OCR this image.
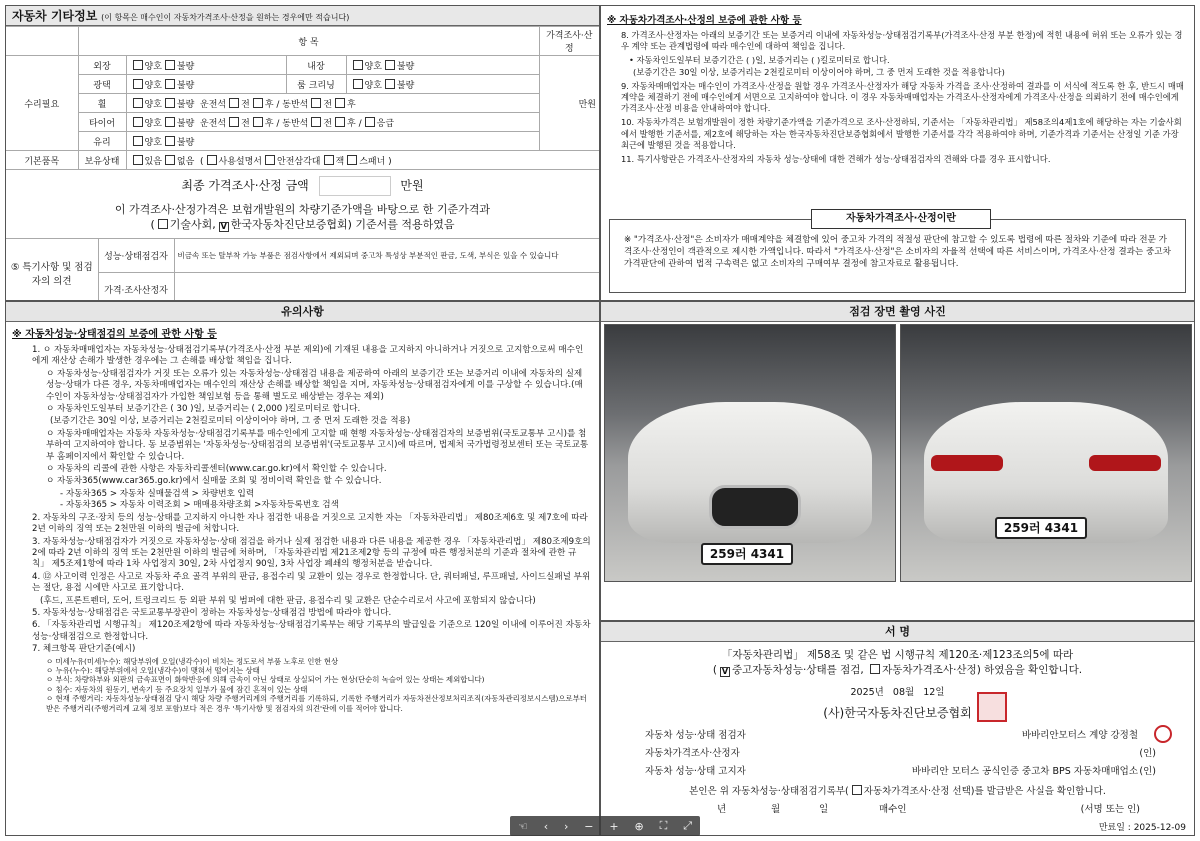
자동차 기타정보 (이 항목은 매수인이 자동차가격조사·산정을 원하는 경우에만 적습니다)
	항 목				가격조사·산정
수리필요	외장	양호 불량	내장	양호 불량	만원
	광택	양호 불량	룸 크리닝	양호 불량	
	휠	양호 불량 운전석 전 후 / 동반석 전 후			
	타이어	양호 불량 운전석 전 후 / 동반석 전 후 / 응급			
	유리	양호 불량			
기본품목	보유상태	있음 없음 ( 사용설명서 안전삼각대 잭 스패너 )			
최종 가격조사·산정 금액	만원
이 가격조사·산정가격은 보험개발원의 차량기준가액을 바탕으로 한 기준가격과
( 기술사회, V 한국자동차진단보증협회) 기준서를 적용하였음
⑤ 특기사항 및 점검자의 의견	성능·상태점검자	비금속 또는 탈부착 가능 부품은 점검사항에서 제외되며 중고차 특성상 부분적인 판금, 도색, 부식은 있을 수 있습니다
	가격·조사산정자	
※ 자동차가격조사·산정의 보증에 관한 사항 등
8. 가격조사·산정자는 아래의 보증기간 또는 보증거리 이내에 자동차성능·상태점검기록부(가격조사·산정 부분 한정)에 적힌 내용에 허위 또는 오류가 있는 경우 계약 또는 관계법령에 따라 매수인에 대하여 책임을 집니다.
• 자동차인도일부터 보증기간은 ( )일, 보증거리는 ( )킬로미터로 합니다.
(보증기간은 30일 이상, 보증거리는 2천킬로미터 이상이어야 하며, 그 중 먼저 도래한 것을 적용합니다)
9. 자동차매매업자는 매수인이 가격조사·산정을 원할 경우 가격조사·산정자가 해당 자동차 가격을 조사·산정하여 결과를 이 서식에 적도록 한 후, 반드시 매매계약을 체결하기 전에 매수인에게 서면으로 고지하여야 합니다. 이 경우 자동차매매업자는 가격조사·산정자에게 가격조사·산정을 의뢰하기 전에 매수인에게 가격조사·산정 비용을 안내하여야 합니다.
10. 자동차가격은 보험개발원이 정한 차량기준가액을 기준가격으로 조사·산정하되, 기준서는 「자동차관리법」 제58조의4제1호에 해당하는 자는 기술사회에서 발행한 기준서를, 제2호에 해당하는 자는 한국자동차진단보증협회에서 발행한 기준서를 각각 적용하여야 하며, 기준가격과 기준서는 산정일 기준 가장 최근에 발행된 것을 적용합니다.
11. 특기사항란은 가격조사·산정자의 자동차 성능·상태에 대한 견해가 성능·상태점검자의 견해와 다를 경우 표시합니다.
자동차가격조사·산정이란
※ "가격조사·산정"은 소비자가 매매계약을 체결함에 있어 중고차 가격의 적절성 판단에 참고할 수 있도록 법령에 따른 절차와 기준에 따라 전문 가격조사·산정인이 객관적으로 제시한 가액입니다. 따라서 "가격조사·산정"은 소비자의 자율적 선택에 따른 서비스이며, 가격조사·산정 결과는 중고차 가격판단에 관하여 법적 구속력은 없고 소비자의 구매여부 결정에 참고자료로 활용됩니다.
유의사항
※ 자동차성능·상태점검의 보증에 관한 사항 등
1. ㅇ 자동차매매업자는 자동차성능·상태점검기록부(가격조사·산정 부분 제외)에 기재된 내용을 고지하지 아니하거나 거짓으로 고지함으로써 매수인에게 재산상 손해가 발생한 경우에는 그 손해를 배상할 책임을 집니다.
ㅇ 자동차성능·상태점검자가 거짓 또는 오류가 있는 자동차성능·상태점검 내용을 제공하여 아래의 보증기간 또는 보증거리 이내에 자동차의 실제 성능·상태가 다른 경우, 자동차매매업자는 매수인의 재산상 손해를 배상할 책임을 지며, 자동차성능·상태점검자에게 이를 구상할 수 있습니다.(매수인이 자동차성능·상태점검자가 가입한 책임보험 등을 통해 별도로 배상받는 경우는 제외)
ㅇ 자동차인도일부터 보증기간은 ( 30 )일, 보증거리는 ( 2,000 )킬로미터로 합니다.
(보증기간은 30일 이상, 보증거리는 2천킬로미터 이상이어야 하며, 그 중 먼저 도래한 것을 적용)
ㅇ 자동차매매업자는 자동차 자동차성능·상태점검기록부를 매수인에게 고지할 때 현행 자동차성능·상태점검자의 보증범위(국토교통부 고시)를 첨부하여 고지하여야 합니다. 동 보증범위는 '자동차성능·상태점검의 보증범위'(국토교통부 고시)에 따르며, 법제처 국가법령정보센터 또는 국토교통부 홈페이지에서 확인할 수 있습니다.
ㅇ 자동차의 리콜에 관한 사항은 자동차리콜센터(www.car.go.kr)에서 확인할 수 있습니다.
ㅇ 자동차365(www.car365.go.kr)에서 실매물 조회 및 정비이력 확인을 할 수 있습니다.
- 자동차365 > 자동차 실매물검색 > 차량번호 입력
- 자동차365 > 자동차 이력조회 > 매매용차량조회 >자동차등록번호 검색
2. 자동차의 구조·장치 등의 성능·상태를 고지하지 아니한 자나 점검한 내용을 거짓으로 고지한 자는 「자동차관리법」 제80조제6호 및 제7호에 따라 2년 이하의 징역 또는 2천만원 이하의 벌금에 처합니다.
3. 자동차성능·상태점검자가 거짓으로 자동차성능·상태 점검을 하거나 실제 점검한 내용과 다른 내용을 제공한 경우 「자동차관리법」 제80조제9호의2에 따라 2년 이하의 징역 또는 2천만원 이하의 벌금에 처하며, 「자동차관리법 제21조제2항 등의 규정에 따른 행정처분의 기준과 절차에 관한 규칙」 제5조제1항에 따라 1차 사업정지 30일, 2차 사업정지 90일, 3차 사업장 폐쇄의 행정처분을 받습니다.
4. ⑫ 사고이력 인정은 사고로 자동차 주요 골격 부위의 판금, 용접수리 및 교환이 있는 경우로 한정합니다. 단, 쿼터패널, 루프패널, 사이드실패널 부위는 절단, 용접 시에만 사고로 표기합니다.
(후드, 프론트펜더, 도어, 트렁크리드 등 외판 부위 및 범퍼에 대한 판금, 용접수리 및 교환은 단순수리로서 사고에 포함되지 않습니다)
5. 자동차성능·상태점검은 국토교통부장관이 정하는 자동차성능·상태점검 방법에 따라야 합니다.
6. 「자동차관리법 시행규칙」 제120조제2항에 따라 자동차성능·상태점검기록부는 해당 기록부의 발급일을 기준으로 120일 이내에 이루어진 자동차 성능·상태점검으로 한정합니다.
7. 체크항목 판단기준(예시)
ㅇ 미세누유(미세누수): 해당부위에 오일(냉각수)이 비치는 정도로서 부품 노후로 인한 현상
ㅇ 누유(누수): 해당부위에서 오일(냉각수)이 맺혀서 떨어지는 상태
ㅇ 부식: 차량하부와 외판의 금속표면이 화학반응에 의해 금속이 아닌 상태로 상실되어 가는 현상(단순히 녹슬어 있는 상태는 제외합니다)
ㅇ 침수: 자동차의 원동기, 변속기 등 주요장치 일부가 물에 잠긴 흔적이 있는 상태
ㅇ 현재 주행거리: 자동차성능·상태점검 당시 해당 차량 주행거리계의 주행거리를 기록하되, 기록한 주행거리가 자동차전산정보처리조직(자동차관리정보시스템)으로부터 받은 주행거리(주행거리계 교체 정보 포함)보다 적은 경우 '특기사항 및 점검자의 의견'란에 이를 적어야 합니다.
점검 장면 촬영 사진
259러 4341
259러 4341
서 명
「자동차관리법」 제58조 및 같은 법 시행규칙 제120조·제123조의5에 따라
( V 중고자동차성능·상태를 점검, 자동차가격조사·산정) 하였음을 확인합니다.
2025년 08월 12일
(사)한국자동차진단보증협회
자동차 성능·상태 점검자	바바리안모터스 계양 강정철
자동차가격조사·산정자	(인)
자동차 성능·상태 고지자	바바리안 모터스 공식인증 중고차 BPS 자동차매매업소 (인)
본인은 위 자동차성능·상태점검기록부( 자동차가격조사·산정 선택)를 발급받은 사실을 확인합니다.
년	월	일	매수인	(서명 또는 인)
만료일 : 2025-12-09
☜ ‹ › − + ⊕ ⛶ ⤢
